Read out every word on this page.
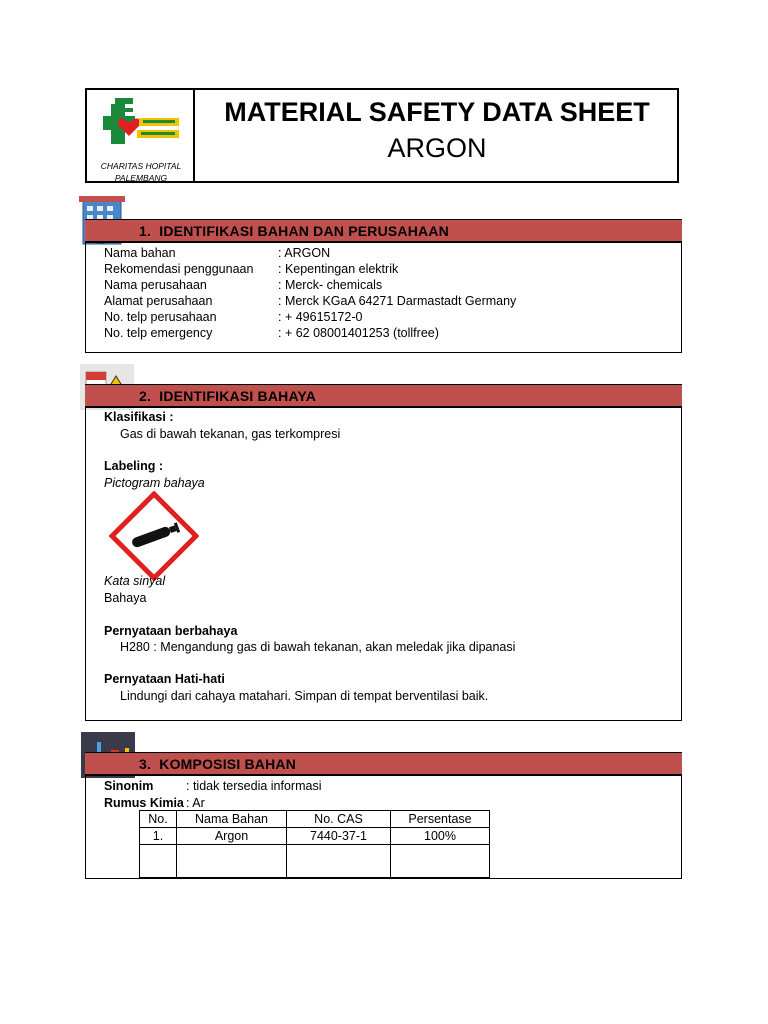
CHARITAS HOPITAL PALEMBANG
MATERIAL SAFETY DATA SHEET
ARGON
1. IDENTIFIKASI BAHAN DAN PERUSAHAAN
Nama bahan	: ARGON
Rekomendasi penggunaan : Kepentingan elektrik
Nama perusahaan	: Merck- chemicals
Alamat perusahaan	: Merck KGaA 64271 Darmastadt Germany
No. telp perusahaan	: + 49615172-0
No. telp emergency	: + 62 08001401253 (tollfree)
2. IDENTIFIKASI BAHAYA
Klasifikasi :
Gas di bawah tekanan, gas terkompresi
Labeling :
Pictogram bahaya
Kata sinyal
Bahaya
Pernyataan berbahaya
H280 : Mengandung gas di bawah tekanan, akan meledak jika dipanasi
Pernyataan Hati-hati
Lindungi dari cahaya matahari. Simpan di tempat berventilasi baik.
3. KOMPOSISI BAHAN
Sinonim	: tidak tersedia informasi
Rumus Kimia : Ar
No.	Nama Bahan	No. CAS	Persentase
1.	Argon	7440-37-1	100%
